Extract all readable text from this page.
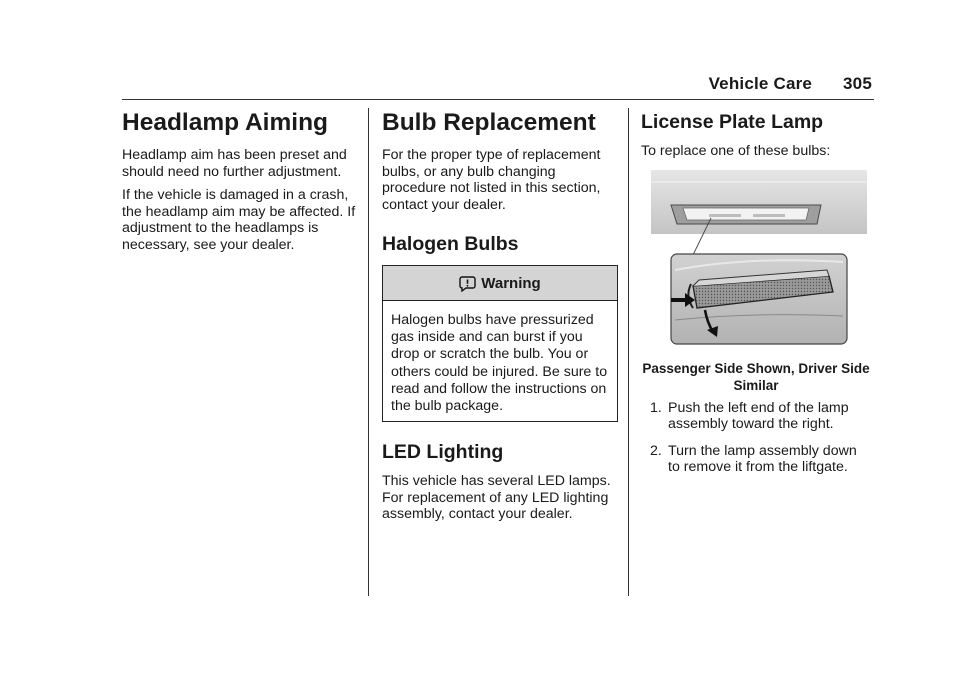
Vehicle Care 305
Headlamp Aiming

Headlamp aim has been preset and should need no further adjustment.

If the vehicle is damaged in a crash, the headlamp aim may be affected. If adjustment to the headlamps is necessary, see your dealer.

Bulb Replacement

For the proper type of replacement bulbs, or any bulb changing procedure not listed in this section, contact your dealer.

Halogen Bulbs
Warning
Halogen bulbs have pressurized gas inside and can burst if you drop or scratch the bulb. You or others could be injured. Be sure to read and follow the instructions on the bulb package.
LED Lighting

This vehicle has several LED lamps. For replacement of any LED lighting assembly, contact your dealer.

License Plate Lamp

To replace one of these bulbs:

Passenger Side Shown, Driver Side Similar
1. Push the left end of the lamp assembly toward the right.
2. Turn the lamp assembly down to remove it from the liftgate.
